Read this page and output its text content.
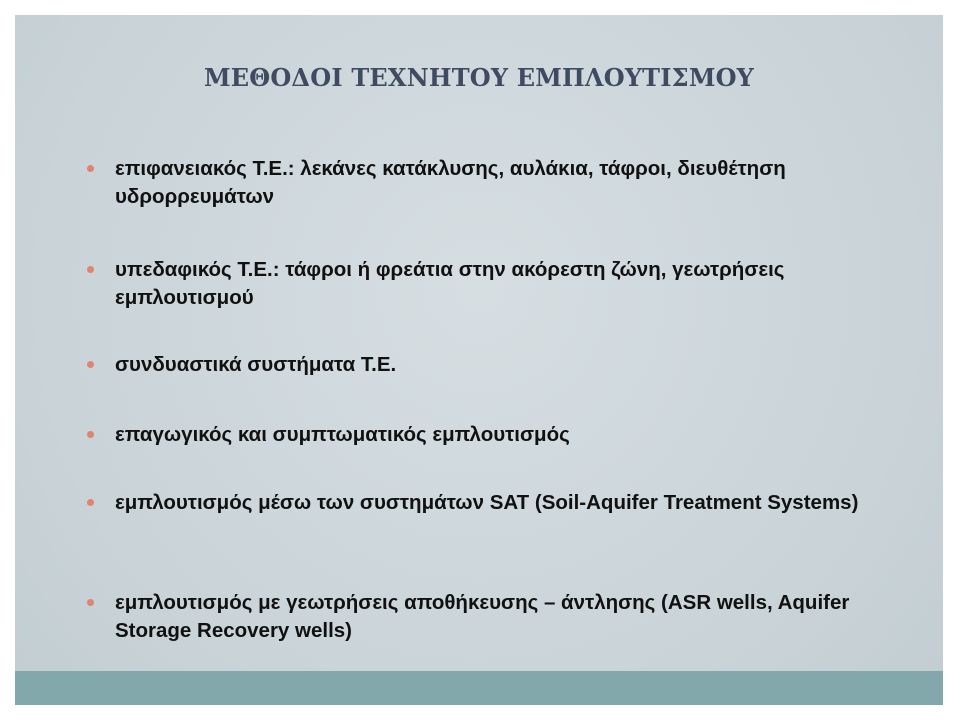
ΜΕΘΟΔΟΙ ΤΕΧΝΗΤΟΥ ΕΜΠΛΟΥΤΙΣΜΟΥ
επιφανειακός Τ.Ε.: λεκάνες κατάκλυσης, αυλάκια, τάφροι, διευθέτηση υδρορρευμάτων
υπεδαφικός Τ.Ε.: τάφροι ή φρεάτια στην ακόρεστη ζώνη, γεωτρήσεις εμπλουτισμού
συνδυαστικά συστήματα Τ.Ε.
επαγωγικός και συμπτωματικός εμπλουτισμός
εμπλουτισμός μέσω των συστημάτων SAT (Soil-Aquifer Treatment Systems)
εμπλουτισμός με γεωτρήσεις αποθήκευσης – άντλησης (ASR wells, Aquifer Storage Recovery wells)
